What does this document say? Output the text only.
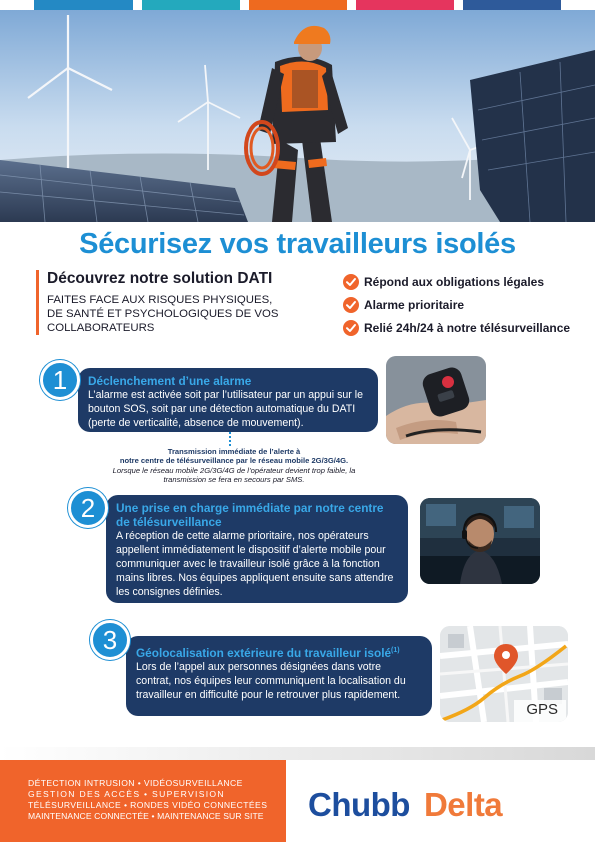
Sécurisez vos travailleurs isolés
Découvrez notre solution DATI

FAITES FACE AUX RISQUES PHYSIQUES,
DE SANTÉ ET PSYCHOLOGIQUES DE VOS
COLLABORATEURS

Répond aux obligations légales
Alarme prioritaire
Relié 24h/24 à notre télésurveillance
Déclenchement d’une alarme
L’alarme est activée soit par l’utilisateur par un appui sur le
bouton SOS, soit par une détection automatique du DATI
(perte de verticalité, absence de mouvement).
1
Transmission immédiate de l’alerte à
notre centre de télésurveillance par le réseau mobile 2G/3G/4G.
Lorsque le réseau mobile 2G/3G/4G de l’opérateur devient trop faible, la
transmission se fera en secours par SMS.
Une prise en charge immédiate par notre centre
de télésurveillance
A réception de cette alarme prioritaire, nos opérateurs
appellent immédiatement le dispositif d’alerte mobile pour
communiquer avec le travailleur isolé grâce à la fonction
mains libres. Nos équipes appliquent ensuite sans attendre
les consignes définies.
2
Géolocalisation extérieure du travailleur isolé$^{(1)}$
Lors de l’appel aux personnes désignées dans votre
contrat, nos équipes leur communiquent la localisation du
travailleur en difficulté pour le retrouver plus rapidement.
3
GPS
DÉTECTION INTRUSION • VIDÉOSURVEILLANCE
GESTION DES ACCÈS • SUPERVISION
TÉLÉSURVEILLANCE • RONDES VIDÉO CONNECTÉES
MAINTENANCE CONNECTÉE • MAINTENANCE SUR SITE	Chubb Delta
